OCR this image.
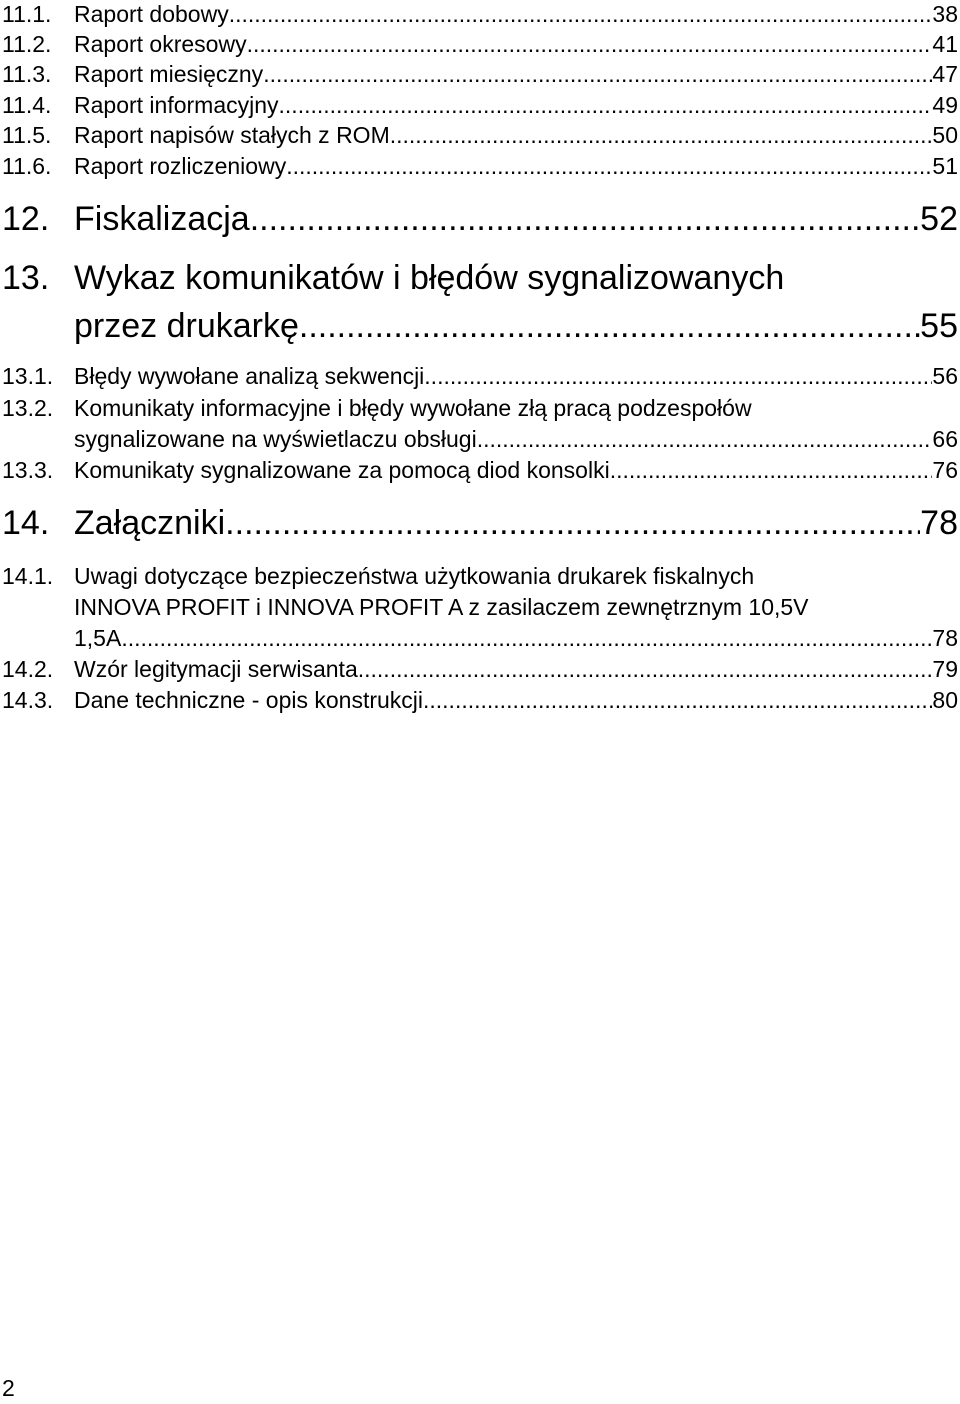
11.1. Raport dobowy .....	38
11.2. Raport okresowy .....	41
11.3. Raport miesięczny .....	47
11.4. Raport informacyjny .....	49
11.5. Raport napisów stałych z ROM .....	50
11.6. Raport rozliczeniowy .....	51
12. Fiskalizacja .....	52
13. Wykaz komunikatów i błędów sygnalizowanych
przez drukarkę .....	55
13.1. Błędy wywołane analizą sekwencji .....	56
13.2. Komunikaty informacyjne i błędy wywołane złą pracą podzespołów
sygnalizowane na wyświetlaczu obsługi .....	66
13.3. Komunikaty sygnalizowane za pomocą diod konsolki .....	76
14. Załączniki .....	78
14.1. Uwagi dotyczące bezpieczeństwa użytkowania drukarek fiskalnych
INNOVA PROFIT i INNOVA PROFIT A z zasilaczem zewnętrznym 10,5V
1,5A. .....	78
14.2. Wzór legitymacji serwisanta .....	79
14.3. Dane techniczne - opis konstrukcji .....	80
2
